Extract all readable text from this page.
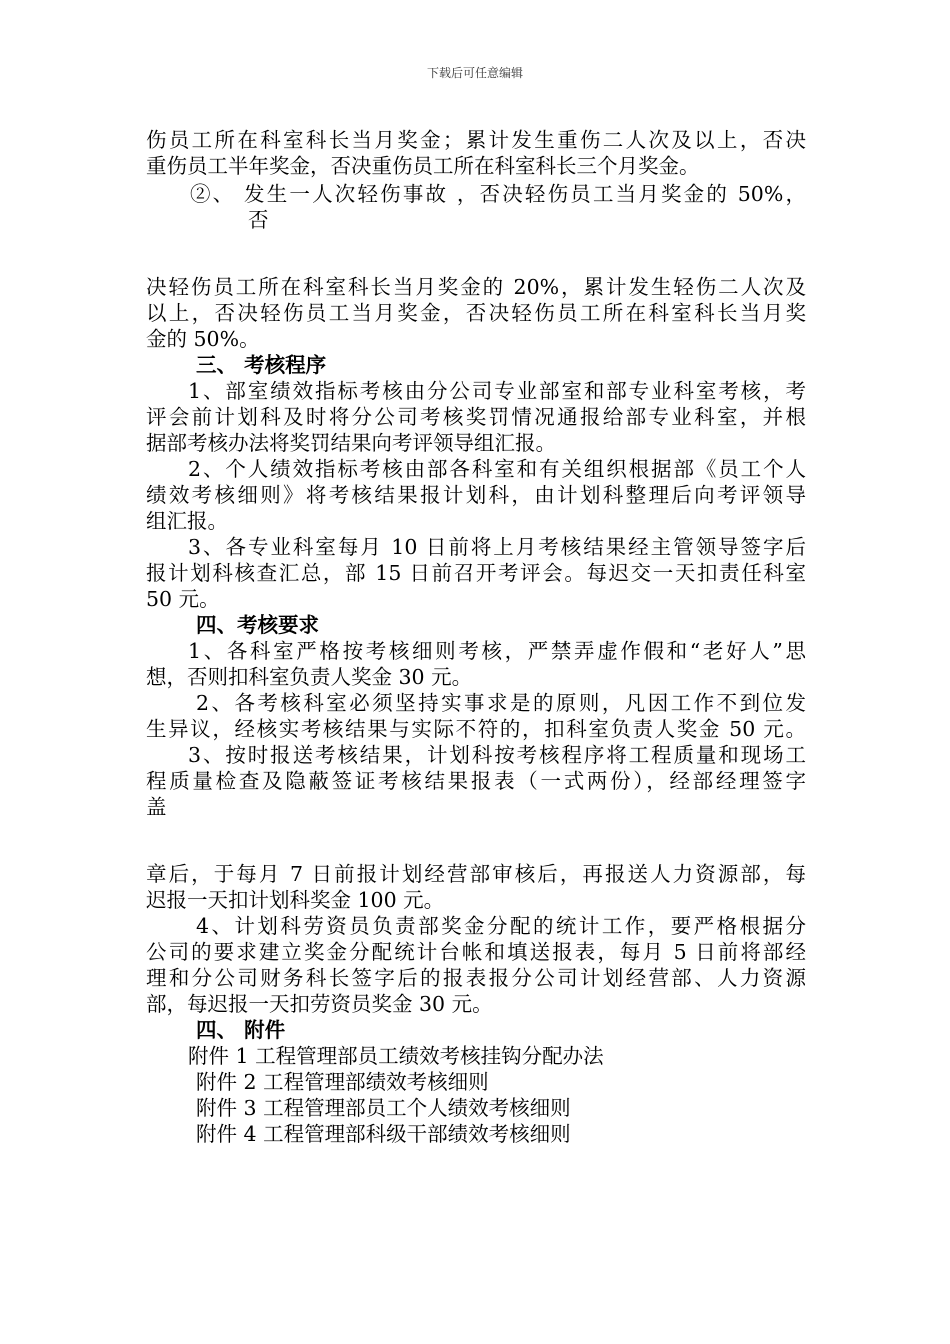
下载后可任意编辑
伤员工所在科室科长当月奖金；累计发生重伤二人次及以上，否决
重伤员工半年奖金，否决重伤员工所在科室科长三个月奖金。
②、 发生一人次轻伤事故 ，否决轻伤员工当月奖金的 50%，
否
决轻伤员工所在科室科长当月奖金的 20%，累计发生轻伤二人次及
以上，否决轻伤员工当月奖金，否决轻伤员工所在科室科长当月奖
金的 50%。
三、 考核程序
1、部室绩效指标考核由分公司专业部室和部专业科室考核，考
评会前计划科及时将分公司考核奖罚情况通报给部专业科室，并根
据部考核办法将奖罚结果向考评领导组汇报。
2、个人绩效指标考核由部各科室和有关组织根据部《员工个人
绩效考核细则》将考核结果报计划科，由计划科整理后向考评领导
组汇报。
3、各专业科室每月 10 日前将上月考核结果经主管领导签字后
报计划科核查汇总，部 15 日前召开考评会。每迟交一天扣责任科室
50 元。
四、考核要求
1、各科室严格按考核细则考核，严禁弄虚作假和“老好人”思
想，否则扣科室负责人奖金 30 元。
2、各考核科室必须坚持实事求是的原则，凡因工作不到位发
生异议，经核实考核结果与实际不符的，扣科室负责人奖金 50 元。
3、按时报送考核结果，计划科按考核程序将工程质量和现场工
程质量检查及隐蔽签证考核结果报表（一式两份），经部经理签字
盖
章后，于每月 7 日前报计划经营部审核后，再报送人力资源部，每
迟报一天扣计划科奖金 100 元。
4、计划科劳资员负责部奖金分配的统计工作，要严格根据分
公司的要求建立奖金分配统计台帐和填送报表，每月 5 日前将部经
理和分公司财务科长签字后的报表报分公司计划经营部、人力资源
部，每迟报一天扣劳资员奖金 30 元。
四、 附件
附件 1 工程管理部员工绩效考核挂钩分配办法
附件 2 工程管理部绩效考核细则
附件 3 工程管理部员工个人绩效考核细则
附件 4 工程管理部科级干部绩效考核细则
